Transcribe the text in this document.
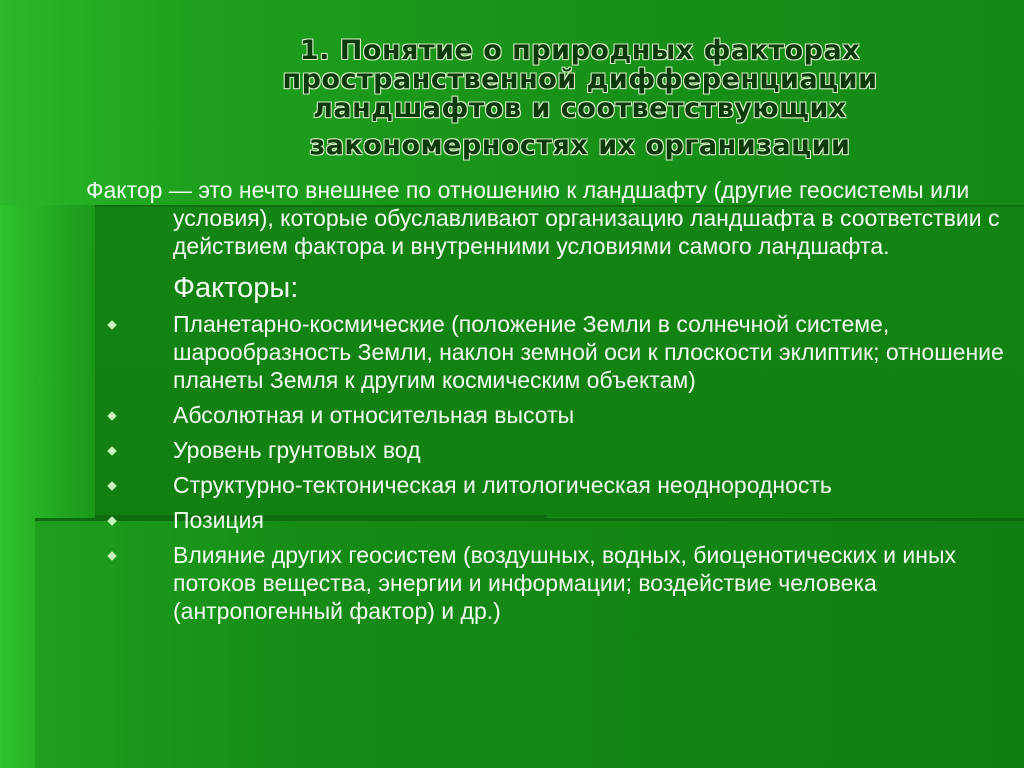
1. Понятие о природных факторах
пространственной дифференциации
ландшафтов и соответствующих
закономерностях их организации

Фактор — это нечто внешнее по отношению к ландшафту (другие геосистемы или условия), которые обуславливают организацию ландшафта в соответствии с действием фактора и внутренними условиями самого ландшафта.

Факторы:
Планетарно-космические (положение Земли в солнечной системе, шарообразность Земли, наклон земной оси к плоскости эклиптик; отношение планеты Земля к другим космическим объектам)
Абсолютная и относительная высоты
Уровень грунтовых вод
Структурно-тектоническая и литологическая неоднородность
Позиция
Влияние других геосистем (воздушных, водных, биоценотических и иных потоков вещества, энергии и информации; воздействие человека (антропогенный фактор) и др.)
